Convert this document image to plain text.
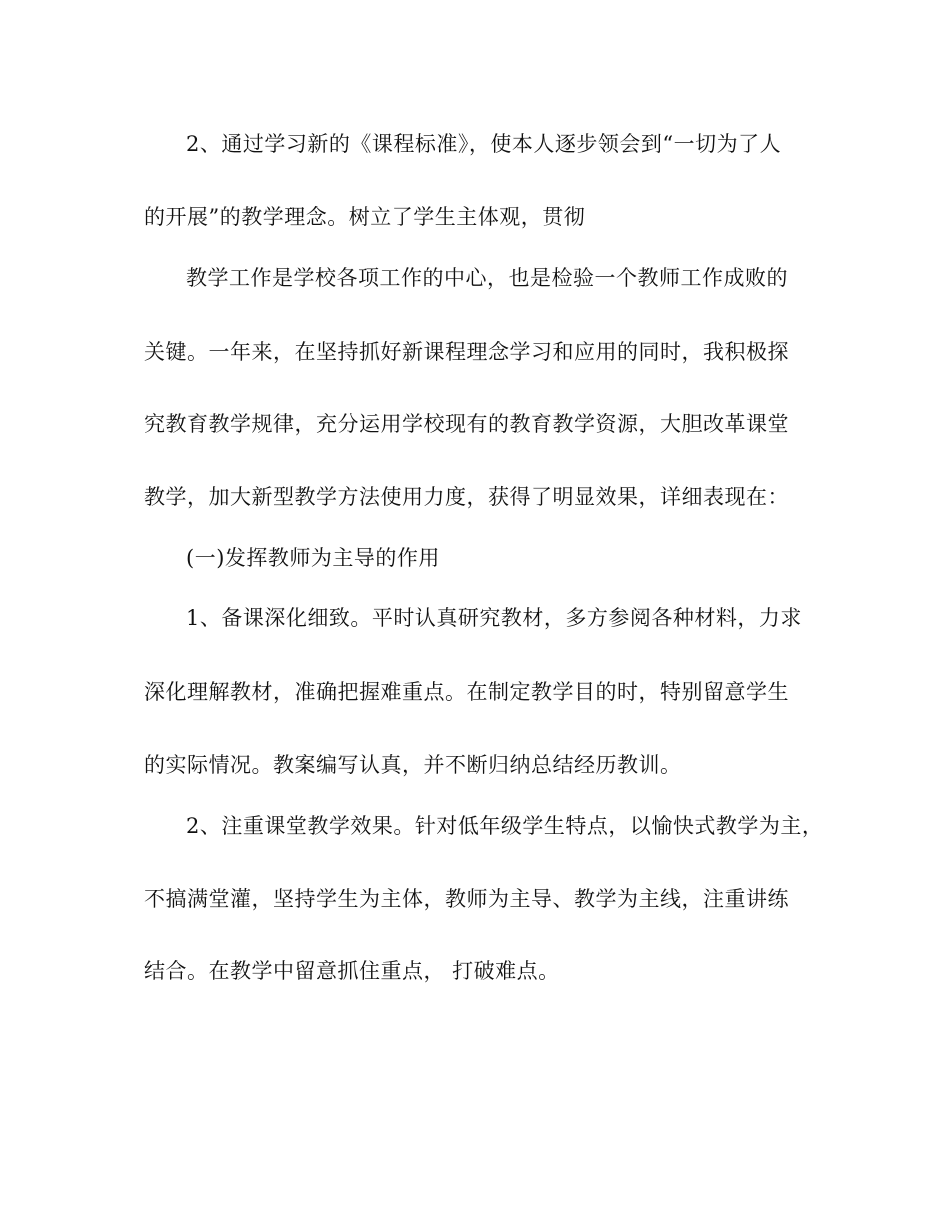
2、通过学习新的《课程标准》，使本人逐步领会到“一切为了人
的开展”的教学理念。树立了学生主体观，贯彻
教学工作是学校各项工作的中心，也是检验一个教师工作成败的
关键。一年来，在坚持抓好新课程理念学习和应用的同时，我积极探
究教育教学规律，充分运用学校现有的教育教学资源，大胆改革课堂
教学，加大新型教学方法使用力度，获得了明显效果，详细表现在：
(一)发挥教师为主导的作用
1、备课深化细致。平时认真研究教材，多方参阅各种材料，力求
深化理解教材，准确把握难重点。在制定教学目的时，特别留意学生
的实际情况。教案编写认真，并不断归纳总结经历教训。
2、注重课堂教学效果。针对低年级学生特点，以愉快式教学为主，
不搞满堂灌，坚持学生为主体，教师为主导、教学为主线，注重讲练
结合。在教学中留意抓住重点， 打破难点。
